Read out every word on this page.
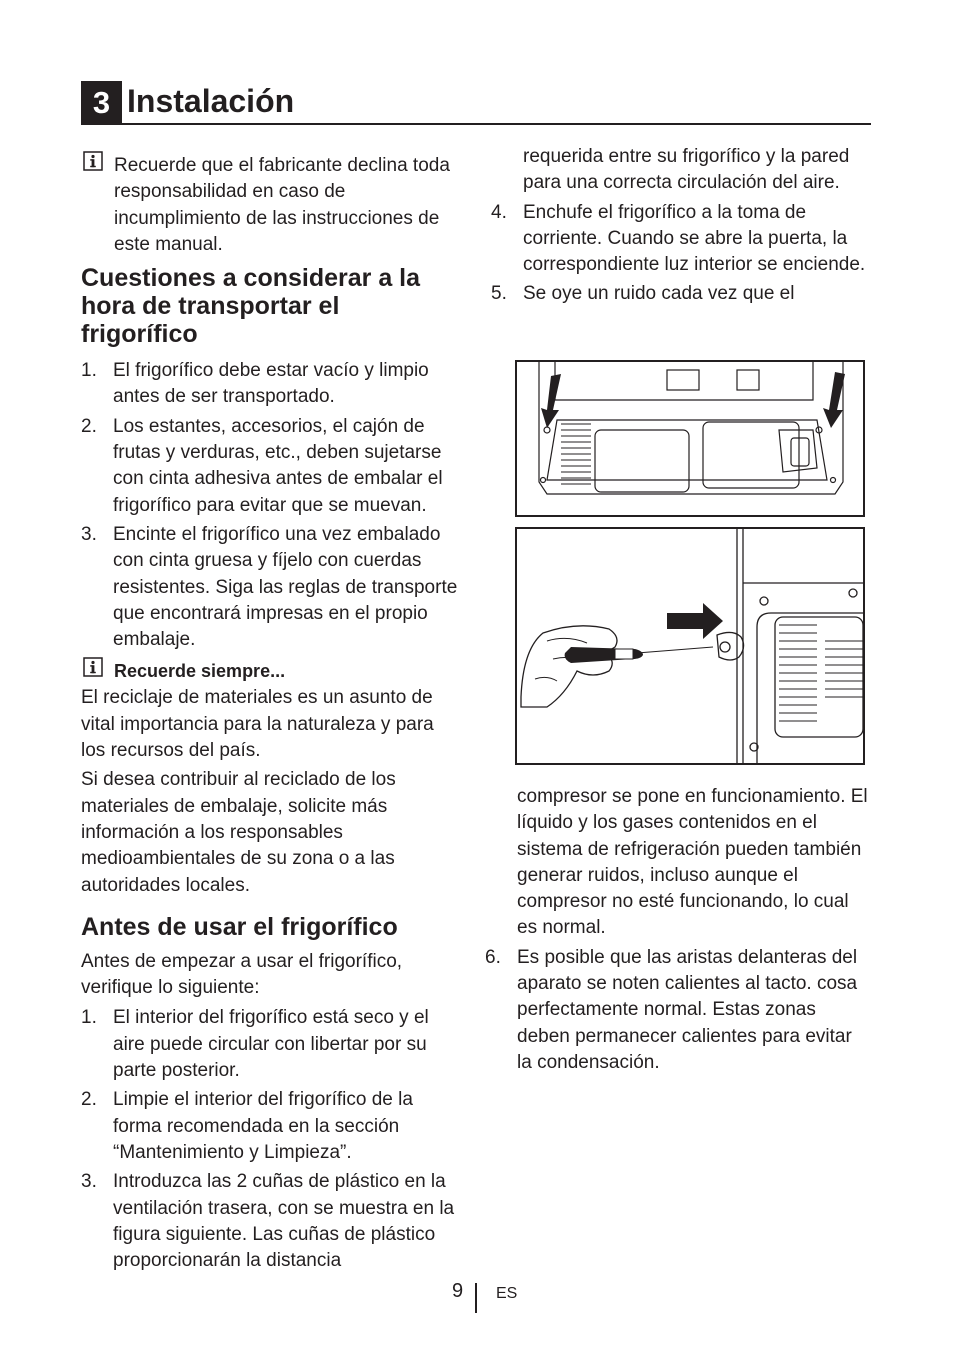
3 Instalación

Recuerde que el fabricante declina toda responsabilidad en caso de incumplimiento de las instrucciones de este manual.

Cuestiones a considerar a la hora de transportar el frigorífico
1. El frigorífico debe estar vacío y limpio antes de ser transportado.
2. Los estantes, accesorios, el cajón de frutas y verduras, etc., deben sujetarse con cinta adhesiva antes de embalar el frigorífico para evitar que se muevan.
3. Encinte el frigorífico una vez embalado con cinta gruesa y fíjelo con cuerdas resistentes. Siga las reglas de transporte que encontrará impresas en el propio embalaje.
Recuerde siempre...

El reciclaje de materiales es un asunto de vital importancia para la naturaleza y para los recursos del país.

Si desea contribuir al reciclado de los materiales de embalaje, solicite más información a los responsables medioambientales de su zona o a las autoridades locales.

Antes de usar el frigorífico

Antes de empezar a usar el frigorífico, verifique lo siguiente:

1. El interior del frigorífico está seco y el aire puede circular con libertar por su parte posterior.
2. Limpie el interior del frigorífico de la forma recomendada en la sección “Mantenimiento y Limpieza”.
3. Introduzca las 2 cuñas de plástico en la ventilación trasera, con se muestra en la figura siguiente. Las cuñas de plástico proporcionarán la distancia

requerida entre su frigorífico y la pared para una correcta circulación del aire.

4. Enchufe el frigorífico a la toma de corriente. Cuando se abre la puerta, la correspondiente luz interior se enciende.
5. Se oye un ruido cada vez que el

compresor se pone en funcionamiento. El líquido y los gases contenidos en el sistema de refrigeración pueden también generar ruidos, incluso aunque el compresor no esté funcionando, lo cual es normal.

6. Es posible que las aristas delanteras del aparato se noten calientes al tacto. cosa perfectamente normal. Estas zonas deben permanecer calientes para evitar la condensación.
9 ES
